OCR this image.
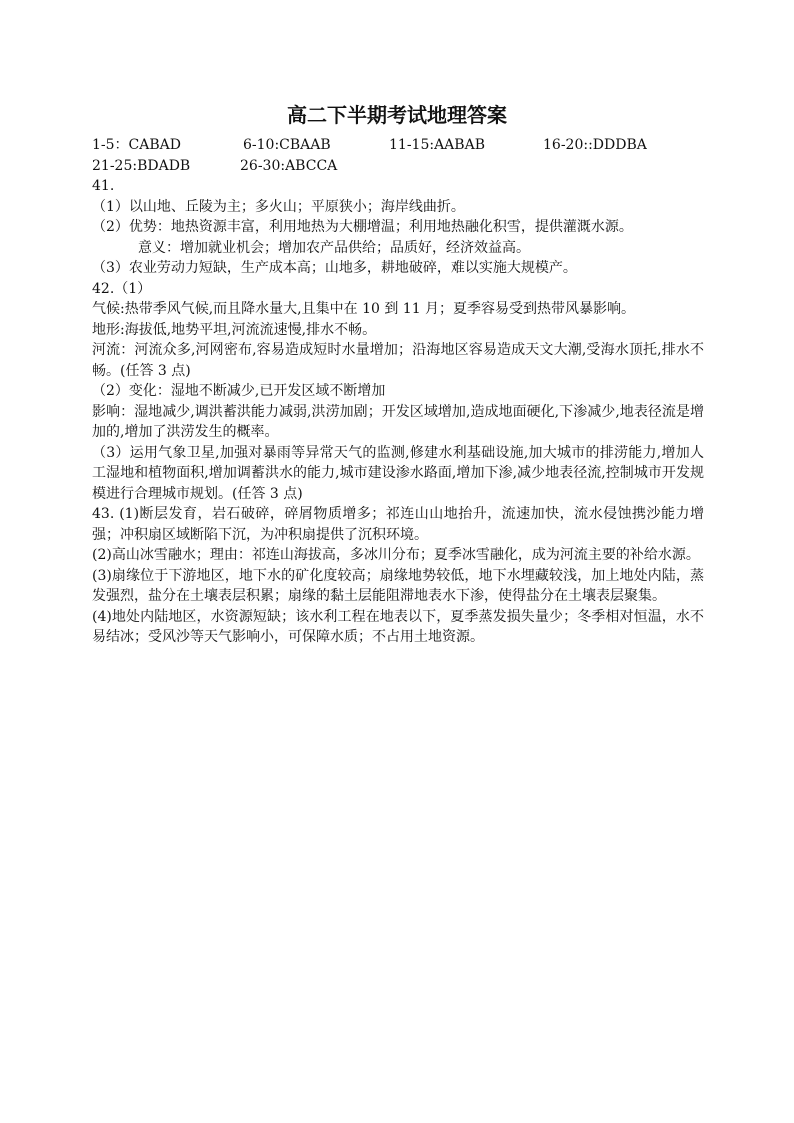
高二下半期考试地理答案
1-5：CABAD	6-10:CBAAB	11-15:AABAB	16-20::DDDBA
21-25:BDADB	26-30:ABCCA
41.
（1）以山地、丘陵为主；多火山；平原狭小；海岸线曲折。
（2）优势：地热资源丰富，利用地热为大棚增温；利用地热融化积雪，提供灌溉水源。
意义：增加就业机会；增加农产品供给；品质好，经济效益高。
（3）农业劳动力短缺，生产成本高；山地多，耕地破碎，难以实施大规模产。
42.（1）
气候:热带季风气候,而且降水量大,且集中在 10 到 11 月；夏季容易受到热带风暴影响。
地形:海拔低,地势平坦,河流流速慢,排水不畅。
河流：河流众多,河网密布,容易造成短时水量增加；沿海地区容易造成天文大潮,受海水顶托,排水不畅。(任答 3 点)
（2）变化：湿地不断减少,已开发区域不断增加
影响：湿地减少,调洪蓄洪能力减弱,洪涝加剧；开发区域增加,造成地面硬化,下渗减少,地表径流是增加的,增加了洪涝发生的概率。
（3）运用气象卫星,加强对暴雨等异常天气的监测,修建水利基础设施,加大城市的排涝能力,增加人工湿地和植物面积,增加调蓄洪水的能力,城市建设渗水路面,增加下渗,减少地表径流,控制城市开发规模进行合理城市规划。(任答 3 点)
43. (1)断层发育，岩石破碎，碎屑物质增多；祁连山山地抬升，流速加快，流水侵蚀携沙能力增强；冲积扇区域断陷下沉，为冲积扇提供了沉积环境。
(2)高山冰雪融水；理由：祁连山海拔高，多冰川分布；夏季冰雪融化，成为河流主要的补给水源。
(3)扇缘位于下游地区，地下水的矿化度较高；扇缘地势较低，地下水埋藏较浅，加上地处内陆，蒸发强烈，盐分在土壤表层积累；扇缘的黏土层能阻滞地表水下渗，使得盐分在土壤表层聚集。
(4)地处内陆地区，水资源短缺；该水利工程在地表以下，夏季蒸发损失量少；冬季相对恒温，水不易结冰；受风沙等天气影响小，可保障水质；不占用土地资源。
